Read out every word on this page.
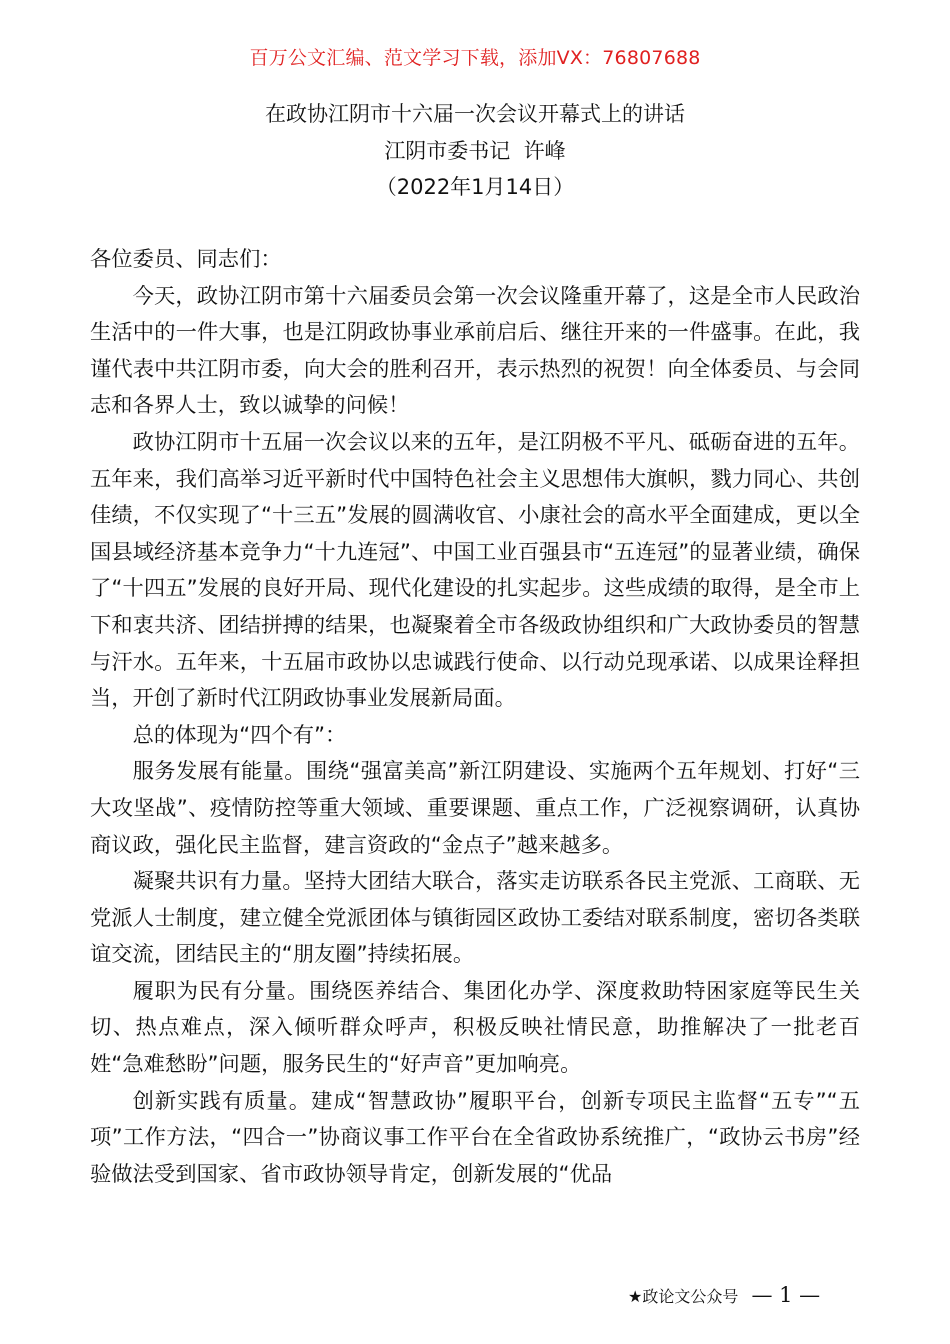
百万公文汇编、范文学习下载，添加VX：76807688
在政协江阴市十六届一次会议开幕式上的讲话
江阴市委书记  许峰
（2022年1月14日）

各位委员、同志们：

今天，政协江阴市第十六届委员会第一次会议隆重开幕了，这是全市人民政治生活中的一件大事，也是江阴政协事业承前启后、继往开来的一件盛事。在此，我谨代表中共江阴市委，向大会的胜利召开，表示热烈的祝贺！向全体委员、与会同志和各界人士，致以诚挚的问候！

政协江阴市十五届一次会议以来的五年，是江阴极不平凡、砥砺奋进的五年。五年来，我们高举习近平新时代中国特色社会主义思想伟大旗帜，戮力同心、共创佳绩，不仅实现了“十三五”发展的圆满收官、小康社会的高水平全面建成，更以全国县域经济基本竞争力“十九连冠”、中国工业百强县市“五连冠”的显著业绩，确保了“十四五”发展的良好开局、现代化建设的扎实起步。这些成绩的取得，是全市上下和衷共济、团结拼搏的结果，也凝聚着全市各级政协组织和广大政协委员的智慧与汗水。五年来，十五届市政协以忠诚践行使命、以行动兑现承诺、以成果诠释担当，开创了新时代江阴政协事业发展新局面。

总的体现为“四个有”：

服务发展有能量。围绕“强富美高”新江阴建设、实施两个五年规划、打好“三大攻坚战”、疫情防控等重大领域、重要课题、重点工作，广泛视察调研，认真协商议政，强化民主监督，建言资政的“金点子”越来越多。

凝聚共识有力量。坚持大团结大联合，落实走访联系各民主党派、工商联、无党派人士制度，建立健全党派团体与镇街园区政协工委结对联系制度，密切各类联谊交流，团结民主的“朋友圈”持续拓展。

履职为民有分量。围绕医养结合、集团化办学、深度救助特困家庭等民生关切、热点难点，深入倾听群众呼声，积极反映社情民意，助推解决了一批老百姓“急难愁盼”问题，服务民生的“好声音”更加响亮。

创新实践有质量。建成“智慧政协”履职平台，创新专项民主监督“五专”“五项”工作方法，“四合一”协商议事工作平台在全省政协系统推广，“政协云书房”经验做法受到国家、省市政协领导肯定，创新发展的“优品

★政论文公众号 — 1 —
